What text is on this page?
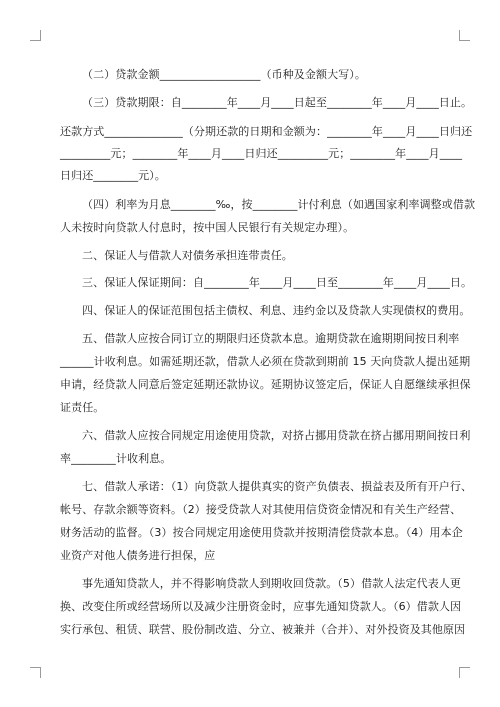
（二）贷款金额__________________（币种及金额大写）。
（三）贷款期限：自________年____月____日起至________年____月____日止。
还款方式______________（分期还款的日期和金额为：________年____月____日归还
_________元；________年____月____日归还_________元；________年____月____
日归还________元）。
（四）利率为月息________‰，按________计付利息（如遇国家利率调整或借款
人未按时向贷款人付息时，按中国人民银行有关规定办理）。
二、保证人与借款人对债务承担连带责任。
三、保证人保证期间：自________年____月____日至________年____月____日。
四、保证人的保证范围包括主债权、利息、违约金以及贷款人实现债权的费用。
五、借款人应按合同订立的期限归还贷款本息。逾期贷款在逾期期间按日利率
______计收利息。如需延期还款，借款人必须在贷款到期前 15 天向贷款人提出延期
申请，经贷款人同意后签定延期还款协议。延期协议签定后，保证人自愿继续承担保
证责任。
六、借款人应按合同规定用途使用贷款，对挤占挪用贷款在挤占挪用期间按日利
率________计收利息。
七、借款人承诺：（1）向贷款人提供真实的资产负债表、损益表及所有开户行、
帐号、存款余额等资料。（2）接受贷款人对其使用信贷资金情况和有关生产经营、
财务活动的监督。（3）按合同规定用途使用贷款并按期清偿贷款本息。（4）用本企
业资产对他人债务进行担保，应
事先通知贷款人，并不得影响贷款人到期收回贷款。（5）借款人法定代表人更
换、改变住所或经营场所以及减少注册资金时，应事先通知贷款人。（6）借款人因
实行承包、租赁、联营、股份制改造、分立、被兼并（合并）、对外投资及其他原因
